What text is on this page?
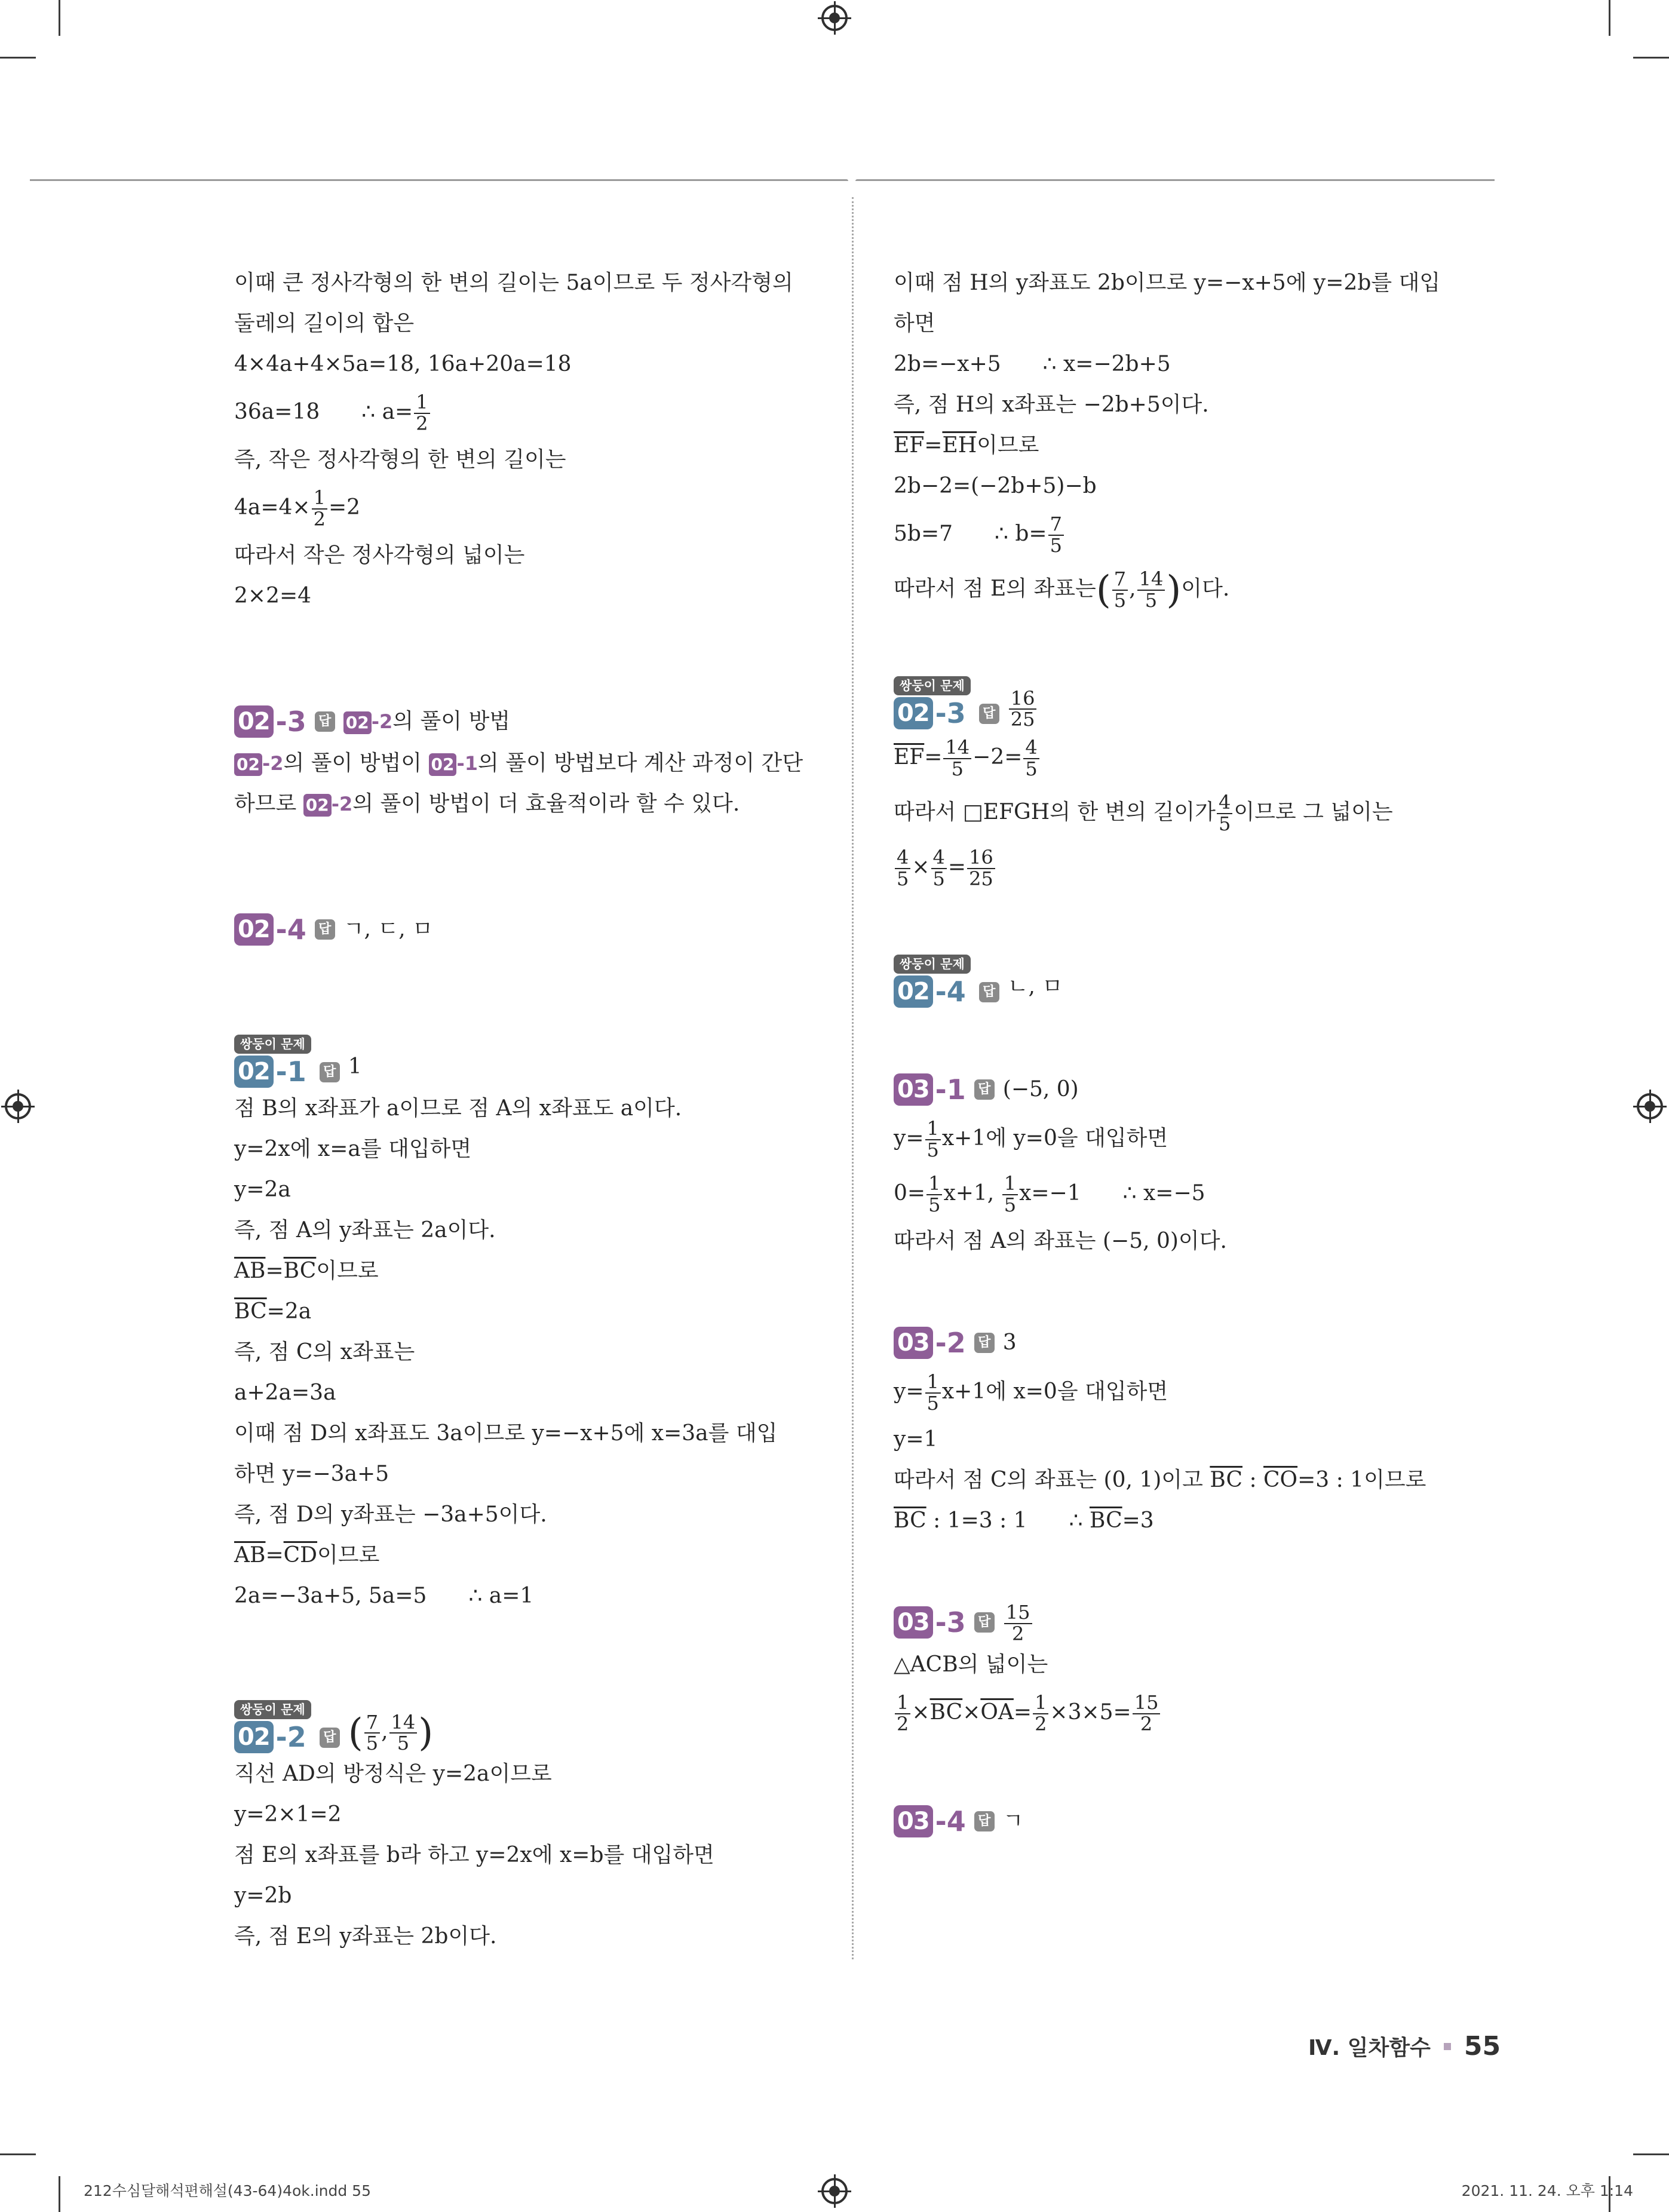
이때 큰 정사각형의 한 변의 길이는 5a이므로 두 정사각형의
둘레의 길이의 합은
4×4a+4×5a=18, 16a+20a=18
36a=18 ∴ $a= \frac{1}{2}$
즉, 작은 정사각형의 한 변의 길이는
$4a=4\times \frac{1}{2} =2$
따라서 작은 정사각형의 넓이는
2×2=4
02 -3 답 02 -2의 풀이 방법
02 -2의 풀이 방법이 02 -1의 풀이 방법보다 계산 과정이 간단
하므로 02 -2의 풀이 방법이 더 효율적이라 할 수 있다.
02 -4 답 ㄱ, ㄷ, ㅁ
쌍둥이 문제
02 -1 답 1
점 B의 x좌표가 a이므로 점 A의 x좌표도 a이다.
y=2x에 x=a를 대입하면
y=2a
즉, 점 A의 y좌표는 2a이다.
$\overline{AB}=\overline{BC}$이므로
$\overline{BC}=2a$
즉, 점 C의 x좌표는
a+2a=3a
이때 점 D의 x좌표도 3a이므로 y=−x+5에 x=3a를 대입
하면 y=−3a+5
즉, 점 D의 y좌표는 −3a+5이다.
$\overline{AB}=\overline{CD}$이므로
2a=−3a+5, 5a=5 ∴ a=1
쌍둥이 문제
02 -2 답 ( $\frac{7}{5}$ , $\frac{14}{5}$ )
직선 AD의 방정식은 y=2a이므로
y=2×1=2
점 E의 x좌표를 b라 하고 y=2x에 x=b를 대입하면
y=2b
즉, 점 E의 y좌표는 2b이다.
이때 점 H의 y좌표도 2b이므로 y=−x+5에 y=2b를 대입
하면
2b=−x+5 ∴ x=−2b+5
즉, 점 H의 x좌표는 −2b+5이다.
$\overline{EF}=\overline{EH}$이므로
2b−2=(−2b+5)−b
5b=7 ∴ $b= \frac{7}{5}$
따라서 점 E의 좌표는( $\frac{7}{5}$ , $\frac{14}{5}$ )이다.
쌍둥이 문제
02 -3 답 $\frac{16}{25}$
$\overline{EF}= \frac{14}{5} -2= \frac{4}{5}$
따라서 □EFGH의 한 변의 길이가 $\frac{4}{5}$ 이므로 그 넓이는
$\frac{4}{5} \times \frac{4}{5} = \frac{16}{25}$
쌍둥이 문제
02 -4 답 ㄴ, ㅁ
03 -1 답 (−5, 0)
$y= \frac{1}{5} x+1$에 y=0을 대입하면
$0= \frac{1}{5} x+1$, $\frac{1}{5} x=-1$ ∴ x=−5
따라서 점 A의 좌표는 (−5, 0)이다.
03 -2 답 3
$y= \frac{1}{5} x+1$에 x=0을 대입하면
y=1
따라서 점 C의 좌표는 (0, 1)이고 $\overline{BC}$ : $\overline{CO}=3$ : 1이므로
$\overline{BC}$ : 1=3 : 1 ∴ $\overline{BC}=3$
03 -3 답 $\frac{15}{2}$
△ACB의 넓이는
$\frac{1}{2} \times\overline{BC}\times\overline{OA}= \frac{1}{2} \times 3\times 5= \frac{15}{2}$
03 -4 답 ㄱ
Ⅳ. 일차함수 55
212수심달해석편해설(43-64)4ok.indd 55	2021. 11. 24. 오후 1:14
